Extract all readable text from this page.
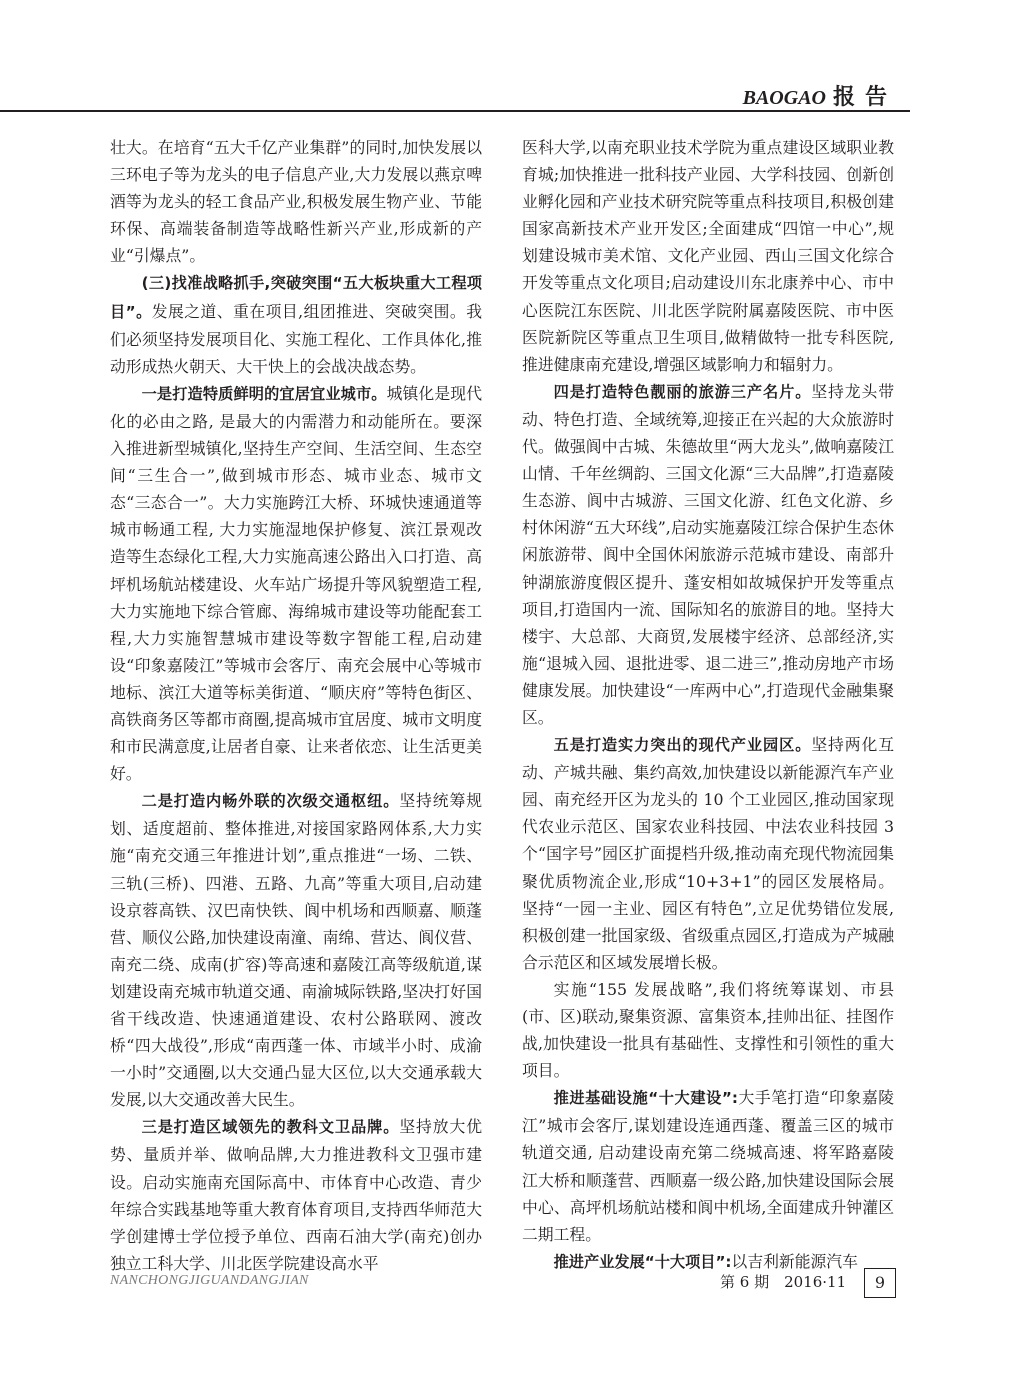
BAOGAO 报告

壮大。在培育“五大千亿产业集群”的同时,加快发展以三环电子等为龙头的电子信息产业,大力发展以燕京啤酒等为龙头的轻工食品产业,积极发展生物产业、节能环保、高端装备制造等战略性新兴产业,形成新的产业“引爆点”。

(三)找准战略抓手,突破突围“五大板块重大工程项目”。发展之道、重在项目,组团推进、突破突围。我们必须坚持发展项目化、实施工程化、工作具体化,推动形成热火朝天、大干快上的会战决战态势。

一是打造特质鲜明的宜居宜业城市。城镇化是现代化的必由之路, 是最大的内需潜力和动能所在。要深入推进新型城镇化,坚持生产空间、生活空间、生态空间“三生合一”,做到城市形态、城市业态、城市文态“三态合一”。大力实施跨江大桥、环城快速通道等城市畅通工程, 大力实施湿地保护修复、滨江景观改造等生态绿化工程,大力实施高速公路出入口打造、高坪机场航站楼建设、火车站广场提升等风貌塑造工程,大力实施地下综合管廊、海绵城市建设等功能配套工程,大力实施智慧城市建设等数字智能工程,启动建设“印象嘉陵江”等城市会客厅、南充会展中心等城市地标、滨江大道等标美街道、“顺庆府”等特色街区、高铁商务区等都市商圈,提高城市宜居度、城市文明度和市民满意度,让居者自豪、让来者依恋、让生活更美好。

二是打造内畅外联的次级交通枢纽。坚持统筹规划、适度超前、整体推进,对接国家路网体系,大力实施“南充交通三年推进计划”,重点推进“一场、二铁、三轨(三桥)、四港、五路、九高”等重大项目,启动建设京蓉高铁、汉巴南快铁、阆中机场和西顺嘉、顺蓬营、顺仪公路,加快建设南潼、南绵、营达、阆仪营、南充二绕、成南(扩容)等高速和嘉陵江高等级航道,谋划建设南充城市轨道交通、南渝城际铁路,坚决打好国省干线改造、快速通道建设、农村公路联网、渡改桥“四大战役”,形成“南西蓬一体、市域半小时、成渝一小时”交通圈,以大交通凸显大区位,以大交通承载大发展,以大交通改善大民生。

三是打造区域领先的教科文卫品牌。坚持放大优势、量质并举、做响品牌,大力推进教科文卫强市建设。启动实施南充国际高中、市体育中心改造、青少年综合实践基地等重大教育体育项目,支持西华师范大学创建博士学位授予单位、西南石油大学(南充)创办独立工科大学、川北医学院建设高水平

医科大学,以南充职业技术学院为重点建设区域职业教育城;加快推进一批科技产业园、大学科技园、创新创业孵化园和产业技术研究院等重点科技项目,积极创建国家高新技术产业开发区;全面建成“四馆一中心”,规划建设城市美术馆、文化产业园、西山三国文化综合开发等重点文化项目;启动建设川东北康养中心、市中心医院江东医院、川北医学院附属嘉陵医院、市中医医院新院区等重点卫生项目,做精做特一批专科医院,推进健康南充建设,增强区域影响力和辐射力。

四是打造特色靓丽的旅游三产名片。坚持龙头带动、特色打造、全域统筹,迎接正在兴起的大众旅游时代。做强阆中古城、朱德故里“两大龙头”,做响嘉陵江山情、千年丝绸韵、三国文化源“三大品牌”,打造嘉陵生态游、阆中古城游、三国文化游、红色文化游、乡村休闲游“五大环线”,启动实施嘉陵江综合保护生态休闲旅游带、阆中全国休闲旅游示范城市建设、南部升钟湖旅游度假区提升、蓬安相如故城保护开发等重点项目,打造国内一流、国际知名的旅游目的地。坚持大楼宇、大总部、大商贸,发展楼宇经济、总部经济,实施“退城入园、退批进零、退二进三”,推动房地产市场健康发展。加快建设“一库两中心”,打造现代金融集聚区。

五是打造实力突出的现代产业园区。坚持两化互动、产城共融、集约高效,加快建设以新能源汽车产业园、南充经开区为龙头的 10 个工业园区,推动国家现代农业示范区、国家农业科技园、中法农业科技园 3 个“国字号”园区扩面提档升级,推动南充现代物流园集聚优质物流企业,形成“10+3+1”的园区发展格局。坚持“一园一主业、园区有特色”,立足优势错位发展,积极创建一批国家级、省级重点园区,打造成为产城融合示范区和区域发展增长极。

实施“155 发展战略”,我们将统筹谋划、市县(市、区)联动,聚集资源、富集资本,挂帅出征、挂图作战,加快建设一批具有基础性、支撑性和引领性的重大项目。

推进基础设施“十大建设”:大手笔打造“印象嘉陵江”城市会客厅,谋划建设连通西蓬、覆盖三区的城市轨道交通, 启动建设南充第二绕城高速、将军路嘉陵江大桥和顺蓬营、西顺嘉一级公路,加快建设国际会展中心、高坪机场航站楼和阆中机场,全面建成升钟灌区二期工程。

推进产业发展“十大项目”:以吉利新能源汽车

NANCHONGJIGUANDANGJIAN	第 6 期　2016·11	9
